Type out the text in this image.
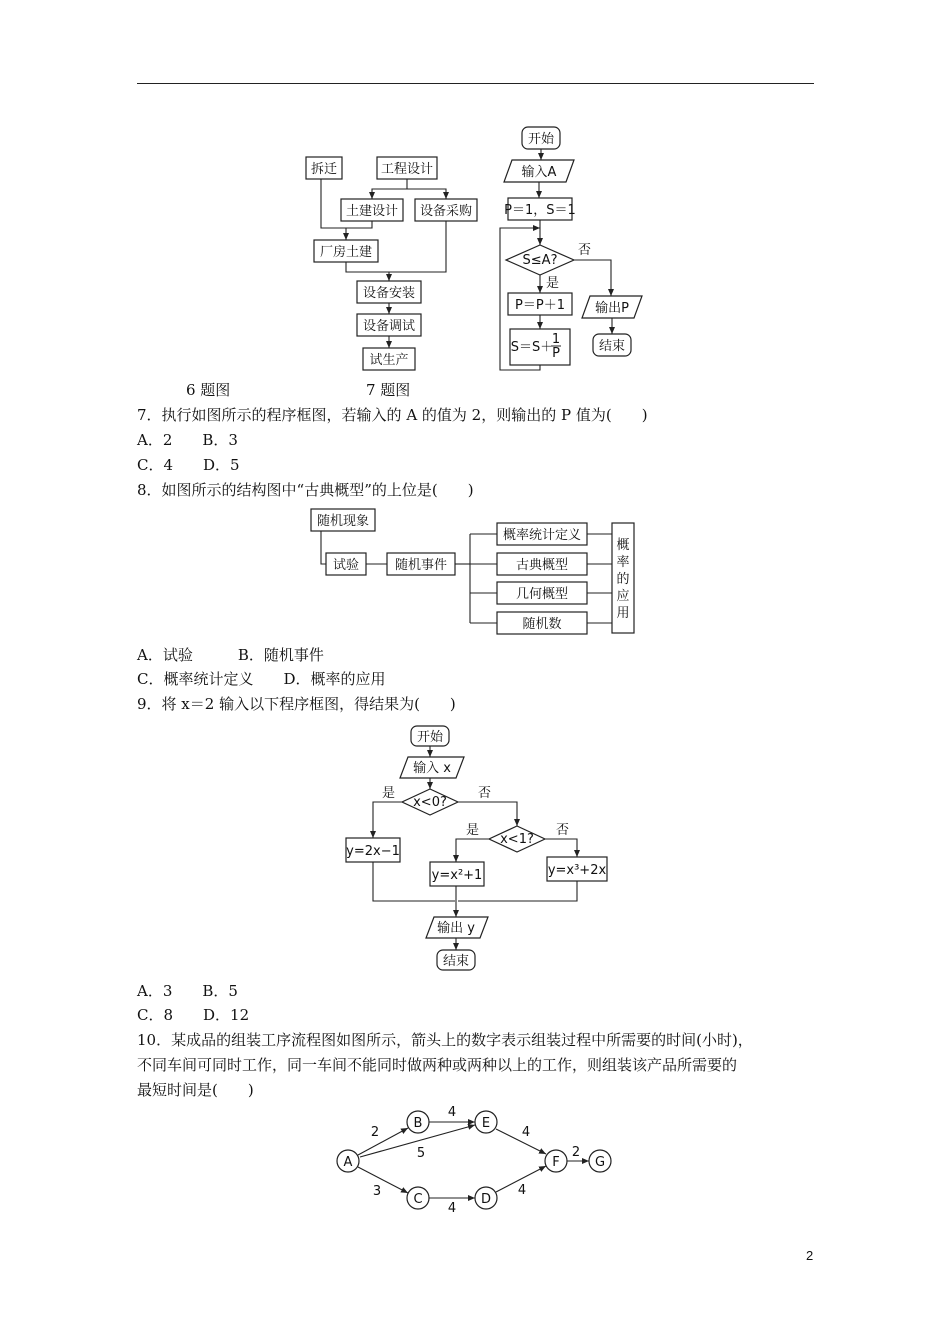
拆迁	工程设计
土建设计 设备采购
厂房土建
设备安装
设备调试
试生产
开始
输入A
P＝1，S＝1
S≤A?
否
是
P＝P＋1
S＝S＋
1
P
输出P
结束
随机现象
试验	随机事件
概率统计定义
古典概型
几何概型
随机数
概
率
的
应
用
开始
输入 x
x<0?
是	否
y=2x−1
x<1?
是	否
y=x²+1	y=x³+2x
输出 y
结束
A
B
C	D
E
F	G
2
5
3
4
4
4
4
2
6 题图	7 题图
7．执行如图所示的程序框图，若输入的 A 的值为 2，则输出的 P 值为(　　)
A．2　　B．3
C．4　　D．5
8．如图所示的结构图中“古典概型”的上位是(　　)
A．试验　　　B．随机事件
C．概率统计定义　　D．概率的应用
9．将 x＝2 输入以下程序框图，得结果为(　　)
A．3　　B．5
C．8　　D．12
10．某成品的组装工序流程图如图所示，箭头上的数字表示组装过程中所需要的时间(小时)，
不同车间可同时工作，同一车间不能同时做两种或两种以上的工作，则组装该产品所需要的
最短时间是(　　)
2
